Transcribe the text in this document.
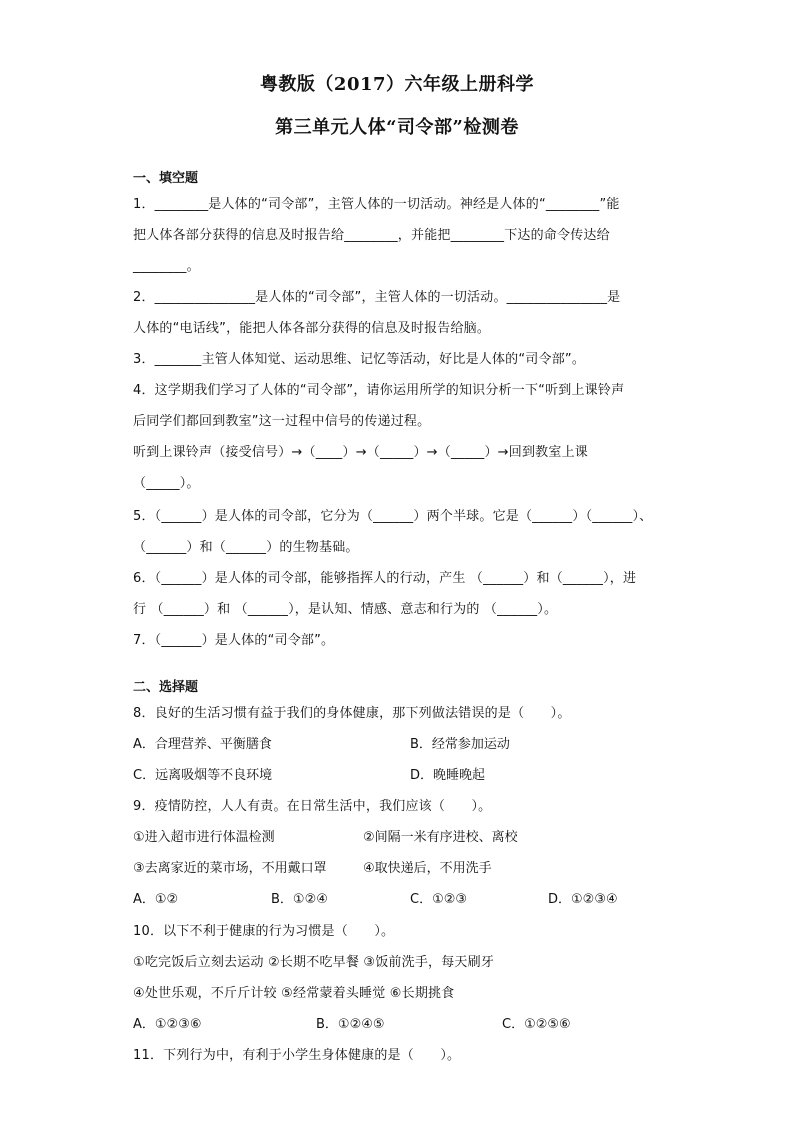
粤教版（2017）六年级上册科学
第三单元人体“司令部”检测卷
一、填空题
1．________是人体的“司令部”，主管人体的一切活动。神经是人体的“________”能
把人体各部分获得的信息及时报告给________，并能把________下达的命令传达给
________。
2．_______________是人体的“司令部”，主管人体的一切活动。_______________是
人体的“电话线”，能把人体各部分获得的信息及时报告给脑。
3．_______主管人体知觉、运动思维、记忆等活动，好比是人体的“司令部”。
4．这学期我们学习了人体的“司令部”，请你运用所学的知识分析一下“听到上课铃声
后同学们都回到教室”这一过程中信号的传递过程。
听到上课铃声（接受信号）→（____）→（_____）→（_____）→回到教室上课
（_____）。
5．（______）是人体的司令部，它分为（______）两个半球。它是（______）（______）、
（______）和（______）的生物基础。
6．（______）是人体的司令部，能够指挥人的行动，产生 （______）和（______），进
行 （______）和 （______），是认知、情感、意志和行为的 （______）。
7．（______）是人体的“司令部”。
二、选择题
8．良好的生活习惯有益于我们的身体健康，那下列做法错误的是（　　）。
A．合理营养、平衡膳食	B．经常参加运动
C．远离吸烟等不良环境	D．晚睡晚起
9．疫情防控，人人有责。在日常生活中，我们应该（　　）。
①进入超市进行体温检测	②间隔一米有序进校、离校
③去离家近的菜市场，不用戴口罩	④取快递后，不用洗手
A．①②	B．①②④	C．①②③	D．①②③④
10．以下不利于健康的行为习惯是（　　）。
①吃完饭后立刻去运动 ②长期不吃早餐 ③饭前洗手，每天刷牙
④处世乐观，不斤斤计较 ⑤经常蒙着头睡觉 ⑥长期挑食
A．①②③⑥	B．①②④⑤	C．①②⑤⑥
11．下列行为中，有利于小学生身体健康的是（　　）。
